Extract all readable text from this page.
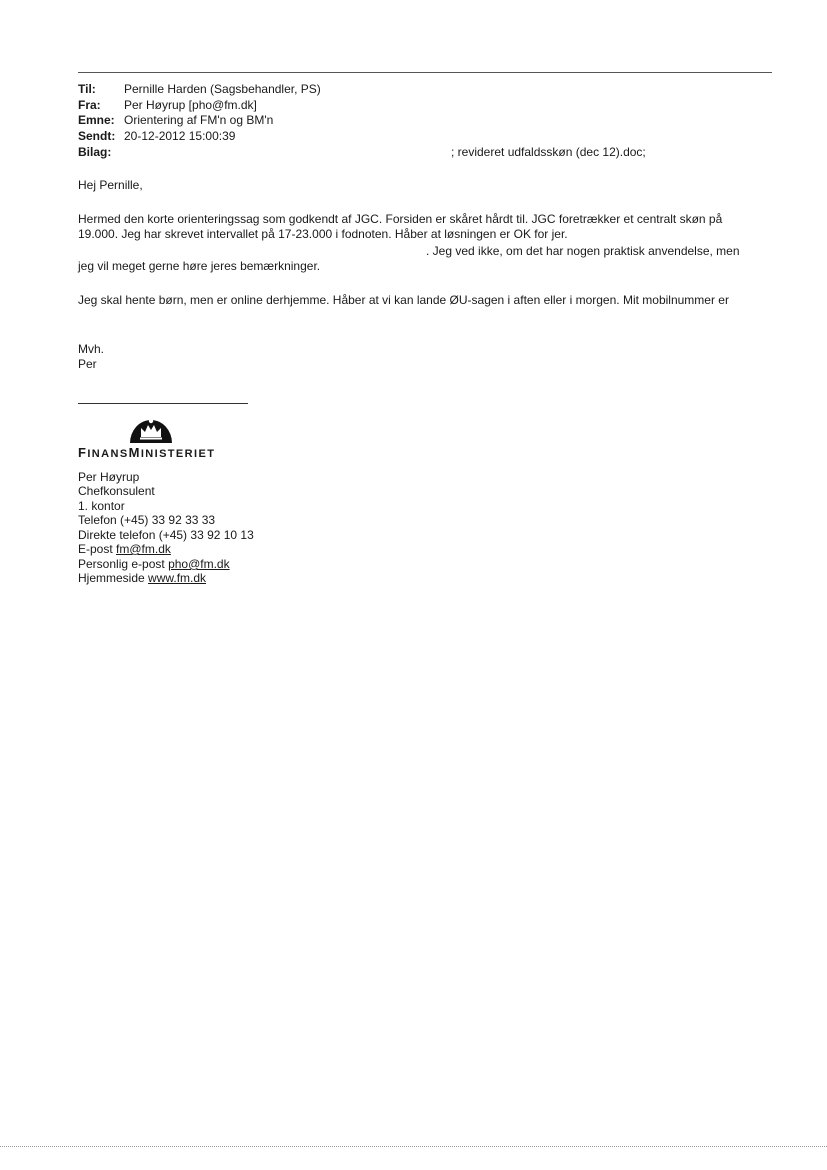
Til: Pernille Harden (Sagsbehandler, PS)
Fra: Per Høyrup [pho@fm.dk]
Emne: Orientering af FM'n og BM'n
Sendt: 20-12-2012 15:00:39
Bilag:	; revideret udfaldsskøn (dec 12).doc;
Hej Pernille,
Hermed den korte orienteringssag som godkendt af JGC. Forsiden er skåret hårdt til. JGC foretrækker et centralt skøn på
19.000. Jeg har skrevet intervallet på 17-23.000 i fodnoten. Håber at løsningen er OK for jer.
. Jeg ved ikke, om det har nogen praktisk anvendelse, men
jeg vil meget gerne høre jeres bemærkninger.
Jeg skal hente børn, men er online derhjemme. Håber at vi kan lande ØU-sagen i aften eller i morgen. Mit mobilnummer er
Mvh.
Per
FINANSMINISTERIET
Per Høyrup
Chefkonsulent
1. kontor
Telefon (+45) 33 92 33 33
Direkte telefon (+45) 33 92 10 13
E-post fm@fm.dk
Personlig e-post pho@fm.dk
Hjemmeside www.fm.dk
